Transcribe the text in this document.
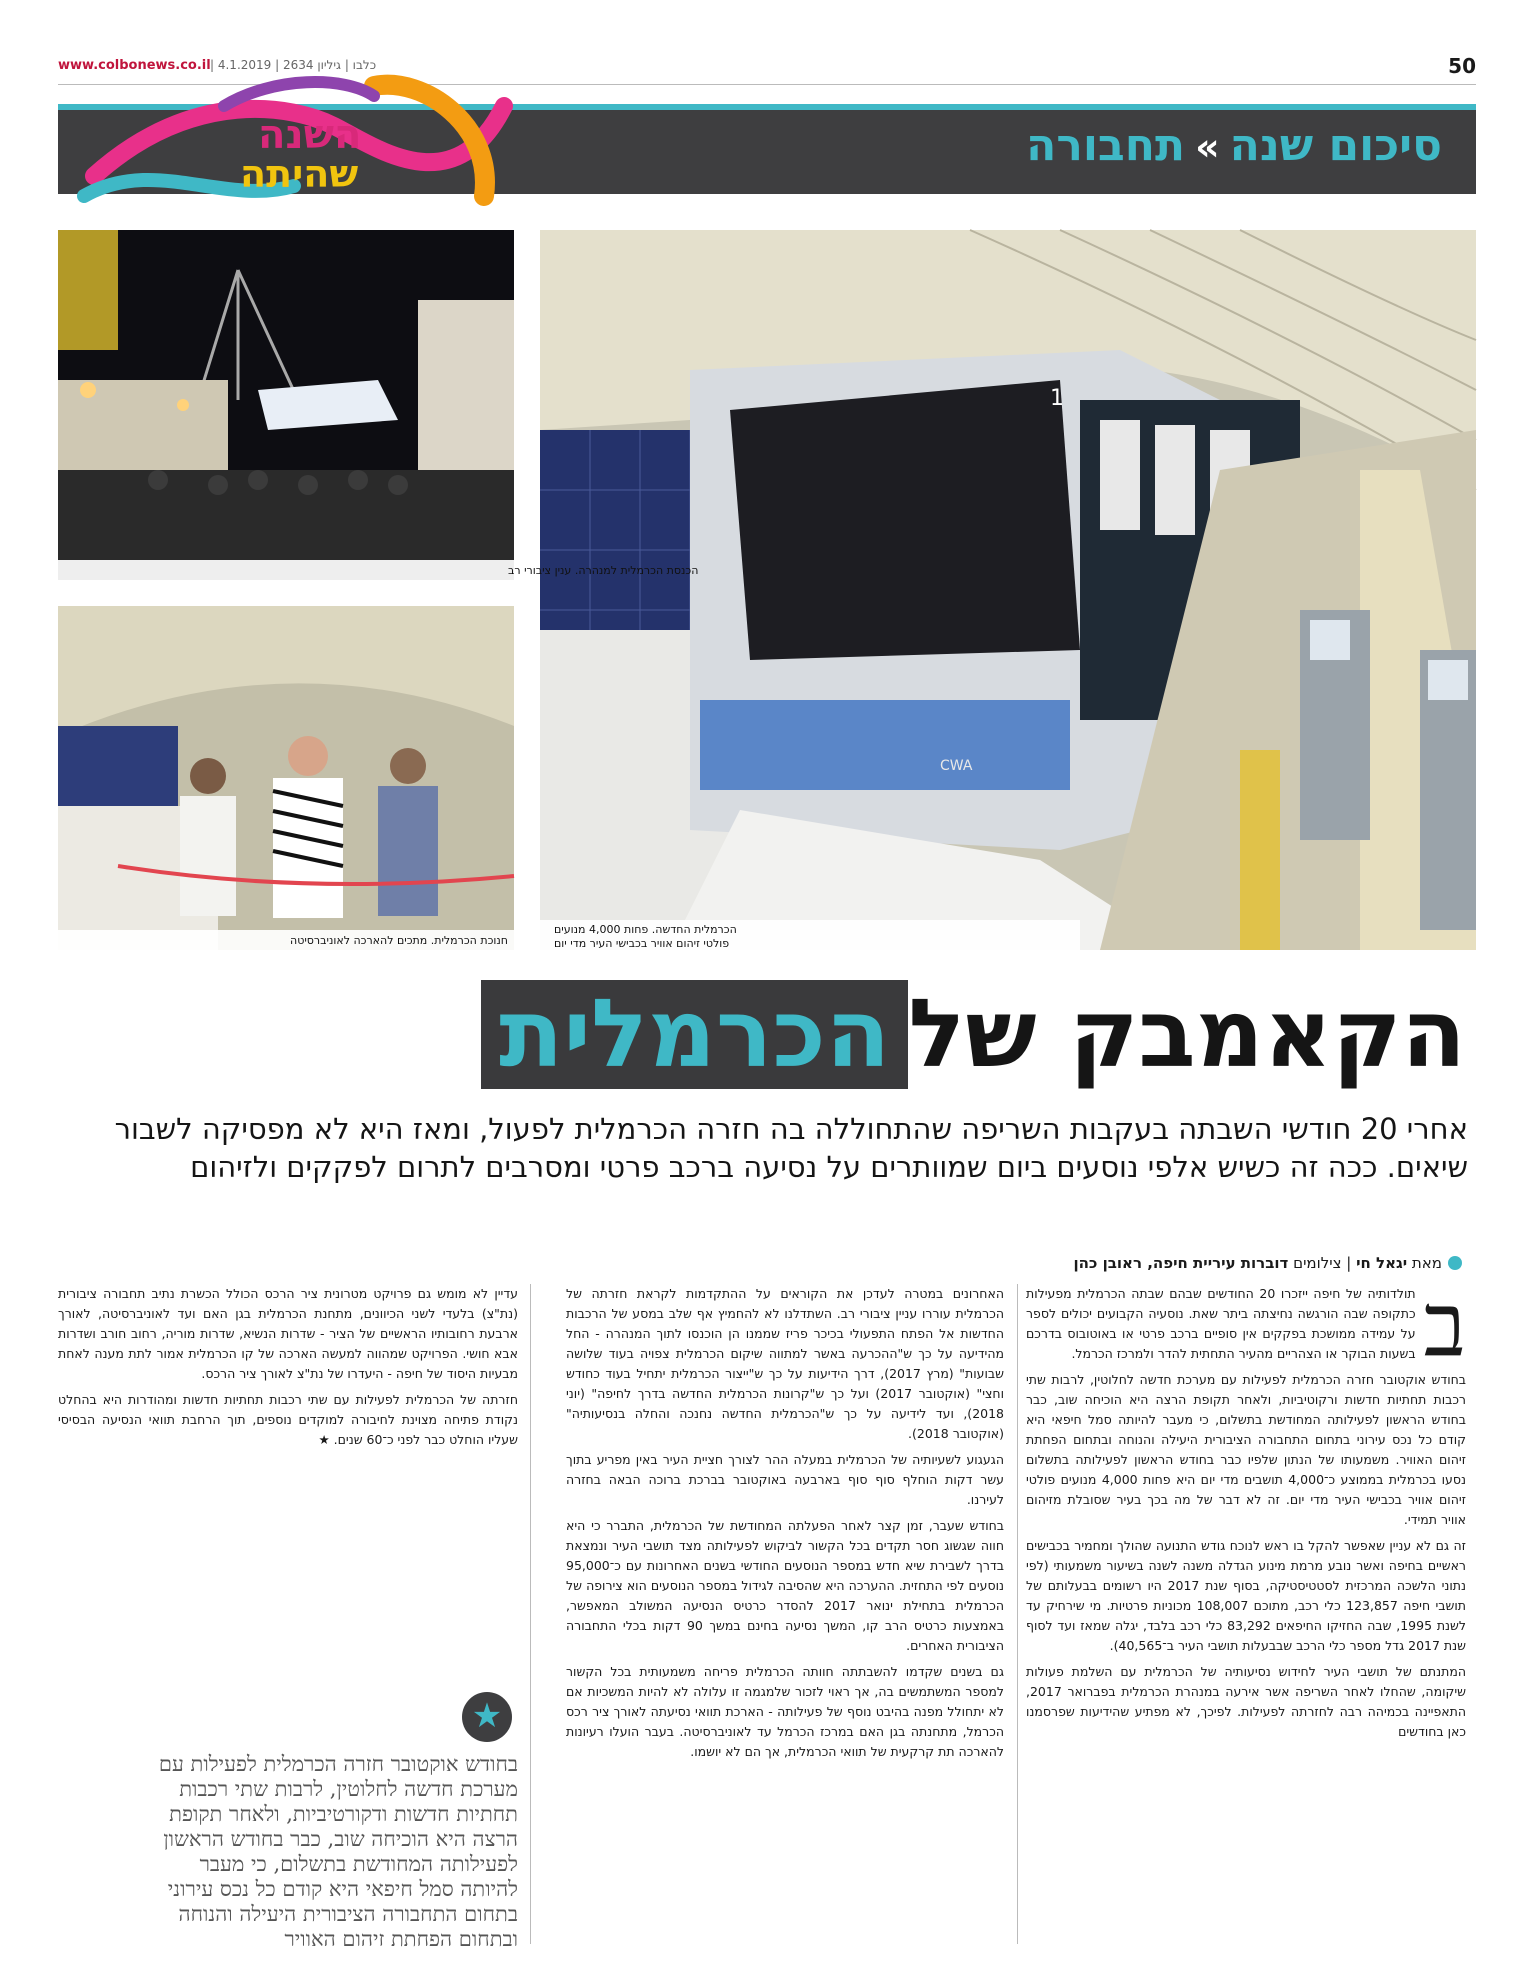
www.colbonews.co.il | כלבו | גיליון 2634 | 4.1.2019	50
סיכום שנה»תחבורה
השנה
שהיתה
1
CWA
הכרמלית החדשה. פחות 4,000 מנועים
פולטי זיהום אוויר בכבישי העיר מדי יום
הכנסת הכרמלית למנהרה. ענין ציבורי רב
חנוכת הכרמלית. מתכים להארכה לאוניברסיטה
הקאמבק שלהכרמלית
אחרי 20 חודשי השבתה בעקבות השריפה שהתחוללה בה חזרה הכרמלית לפעול, ומאז היא לא מפסיקה לשבור שיאים. ככה זה כשיש אלפי נוסעים ביום שמוותרים על נסיעה ברכב פרטי ומסרבים לתרום לפקקים ולזיהום
מאת יגאל חי | צילומים דוברות עיריית חיפה, ראובן כהן
ב

תולדותיה של חיפה ייזכרו 20 החודשים שבהם שבתה הכרמלית מפעילות כתקופה שבה הורגשה נחיצתה ביתר שאת. נוסעיה הקבועים יכולים לספר על עמידה ממושכת בפקקים אין סופיים ברכב פרטי או באוטובוס בדרכם בשעות הבוקר או הצהריים מהעיר התחתית להדר ולמרכז הכרמל.

בחודש אוקטובר חזרה הכרמלית לפעילות עם מערכת חדשה לחלוטין, לרבות שתי רכבות תחתיות חדשות ורקוטיביות, ולאחר תקופת הרצה היא הוכיחה שוב, כבר בחודש הראשון לפעילותה המחודשת בתשלום, כי מעבר להיותה סמל חיפאי היא קודם כל נכס עירוני בתחום התחבורה הציבורית היעילה והנוחה ובתחום הפחתת זיהום האוויר. משמעותו של הנתון שלפיו כבר בחודש הראשון לפעילותה בתשלום נסעו בכרמלית בממוצע כ־4,000 תושבים מדי יום היא פחות 4,000 מנועים פולטי זיהום אוויר בכבישי העיר מדי יום. זה לא דבר של מה בכך בעיר שסובלת מזיהום אוויר תמידי.

זה גם לא עניין שאפשר להקל בו ראש לנוכח גודש התנועה שהולך ומחמיר בכבישים ראשיים בחיפה ואשר נובע מרמת מינוע הגדלה משנה לשנה בשיעור משמעותי (לפי נתוני הלשכה המרכזית לסטטיסטיקה, בסוף שנת 2017 היו רשומים בבעלותם של תושבי חיפה 123,857 כלי רכב, מתוכם 108,007 מכוניות פרטיות. מי שירחיק עד לשנת 1995, שבה החזיקו החיפאים 83,292 כלי רכב בלבד, יגלה שמאז ועד לסוף שנת 2017 גדל מספר כלי הרכב שבבעלות תושבי העיר ב־40,565).

המתנתם של תושבי העיר לחידוש נסיעותיה של הכרמלית עם השלמת פעולות שיקומה, שהחלו לאחר השריפה אשר אירעה במנהרת הכרמלית בפברואר 2017, התאפיינה בכמיהה רבה לחזרתה לפעילות. לפיכך, לא מפתיע שהידיעות שפרסמנו כאן בחודשים

האחרונים במטרה לעדכן את הקוראים על ההתקדמות לקראת חזרתה של הכרמלית עוררו עניין ציבורי רב. השתדלנו לא להחמיץ אף שלב במסע של הרכבות החדשות אל הפתח התפעולי בכיכר פריז שממנו הן הוכנסו לתוך המנהרה - החל מהידיעה על כך ש"ההכרעה באשר למתווה שיקום הכרמלית צפויה בעוד שלושה שבועות" (מרץ 2017), דרך הידיעות על כך ש"ייצור הכרמלית יתחיל בעוד כחודש וחצי" (אוקטובר 2017) ועל כך ש"קרונות הכרמלית החדשה בדרך לחיפה" (יוני 2018), ועד לידיעה על כך ש"הכרמלית החדשה נחנכה והחלה בנסיעותיה" (אוקטובר 2018).

הגעגוע לשעיותיה של הכרמלית במעלה ההר לצורך חציית העיר באין מפריע בתוך עשר דקות הוחלף סוף סוף בארבעה באוקטובר בברכת ברוכה הבאה בחזרה לעירנו.

בחודש שעבר, זמן קצר לאחר הפעלתה המחודשת של הכרמלית, התברר כי היא חווה שגשוג חסר תקדים בכל הקשור לביקוש לפעילותה מצד תושבי העיר ונמצאת בדרך לשבירת שיא חדש במספר הנוסעים החודשי בשנים האחרונות עם כ־95,000 נוסעים לפי התחזית. ההערכה היא שהסיבה לגידול במספר הנוסעים הוא צירופה של הכרמלית בתחילת ינואר 2017 להסדר כרטיס הנסיעה המשולב המאפשר, באמצעות כרטיס הרב קו, המשך נסיעה בחינם במשך 90 דקות בכלי התחבורה הציבורית האחרים.

גם בשנים שקדמו להשבתתה חוותה הכרמלית פריחה משמעותית בכל הקשור למספר המשתמשים בה, אך ראוי לזכור שלמגמה זו עלולה לא להיות המשכיות אם לא יתחולל מפנה בהיבט נוסף של פעילותה - הארכת תוואי נסיעתה לאורך ציר רכס הכרמל, מתחנתה בגן האם במרכז הכרמל עד לאוניברסיטה. בעבר הועלו רעיונות להארכה תת קרקעית של תוואי הכרמלית, אך הם לא יושמו.

עדיין לא מומש גם פרויקט מטרונית ציר הרכס הכולל הכשרת נתיב תחבורה ציבורית (נת"צ) בלעדי לשני הכיוונים, מתחנת הכרמלית בגן האם ועד לאוניברסיטה, לאורך ארבעת רחובותיו הראשיים של הציר - שדרות הנשיא, שדרות מוריה, רחוב חורב ושדרות אבא חושי. הפרויקט שמהווה למעשה הארכה של קו הכרמלית אמור לתת מענה לאחת מבעיות היסוד של חיפה - היעדרו של נת"צ לאורך ציר הרכס.

חזרתה של הכרמלית לפעילות עם שתי רכבות תחתיות חדשות ומהודרות היא בהחלט נקודת פתיחה מצוינת לחיבורה למוקדים נוספים, תוך הרחבת תוואי הנסיעה הבסיסי שעליו הוחלט כבר לפני כ־60 שנים. ★

★
בחודש אוקטובר חזרה הכרמלית לפעילות עם מערכת חדשה לחלוטין, לרבות שתי רכבות תחתיות חדשות ודקורטיביות, ולאחר תקופת הרצה היא הוכיחה שוב, כבר בחודש הראשון לפעילותה המחודשת בתשלום, כי מעבר להיותה סמל חיפאי היא קודם כל נכס עירוני בתחום התחבורה הציבורית היעילה והנוחה ובתחום הפחתת זיהום האוויר
